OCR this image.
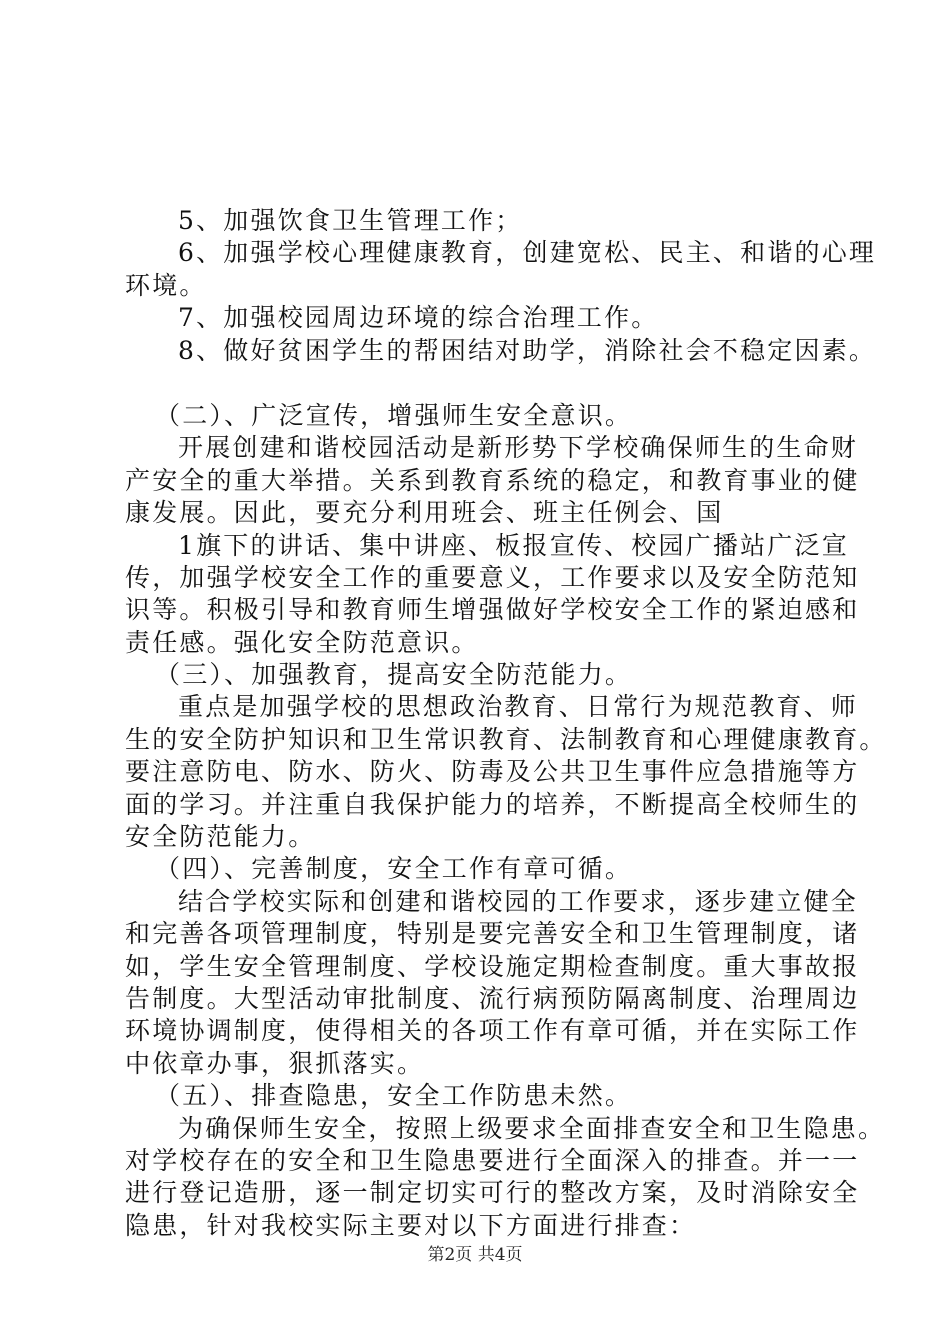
5、加强饮食卫生管理工作；
6、加强学校心理健康教育，创建宽松、民主、和谐的心理
环境。
7、加强校园周边环境的综合治理工作。
8、做好贫困学生的帮困结对助学，消除社会不稳定因素。
（二）、广泛宣传，增强师生安全意识。
开展创建和谐校园活动是新形势下学校确保师生的生命财
产安全的重大举措。关系到教育系统的稳定，和教育事业的健
康发展。因此，要充分利用班会、班主任例会、国
1旗下的讲话、集中讲座、板报宣传、校园广播站广泛宣
传，加强学校安全工作的重要意义，工作要求以及安全防范知
识等。积极引导和教育师生增强做好学校安全工作的紧迫感和
责任感。强化安全防范意识。
（三）、加强教育，提高安全防范能力。
重点是加强学校的思想政治教育、日常行为规范教育、师
生的安全防护知识和卫生常识教育、法制教育和心理健康教育。
要注意防电、防水、防火、防毒及公共卫生事件应急措施等方
面的学习。并注重自我保护能力的培养，不断提高全校师生的
安全防范能力。
（四）、完善制度，安全工作有章可循。
结合学校实际和创建和谐校园的工作要求，逐步建立健全
和完善各项管理制度，特别是要完善安全和卫生管理制度，诸
如，学生安全管理制度、学校设施定期检查制度。重大事故报
告制度。大型活动审批制度、流行病预防隔离制度、治理周边
环境协调制度，使得相关的各项工作有章可循，并在实际工作
中依章办事，狠抓落实。
（五）、排查隐患，安全工作防患未然。
为确保师生安全，按照上级要求全面排查安全和卫生隐患。
对学校存在的安全和卫生隐患要进行全面深入的排查。并一一
进行登记造册，逐一制定切实可行的整改方案，及时消除安全
隐患，针对我校实际主要对以下方面进行排查：
第2页 共4页
